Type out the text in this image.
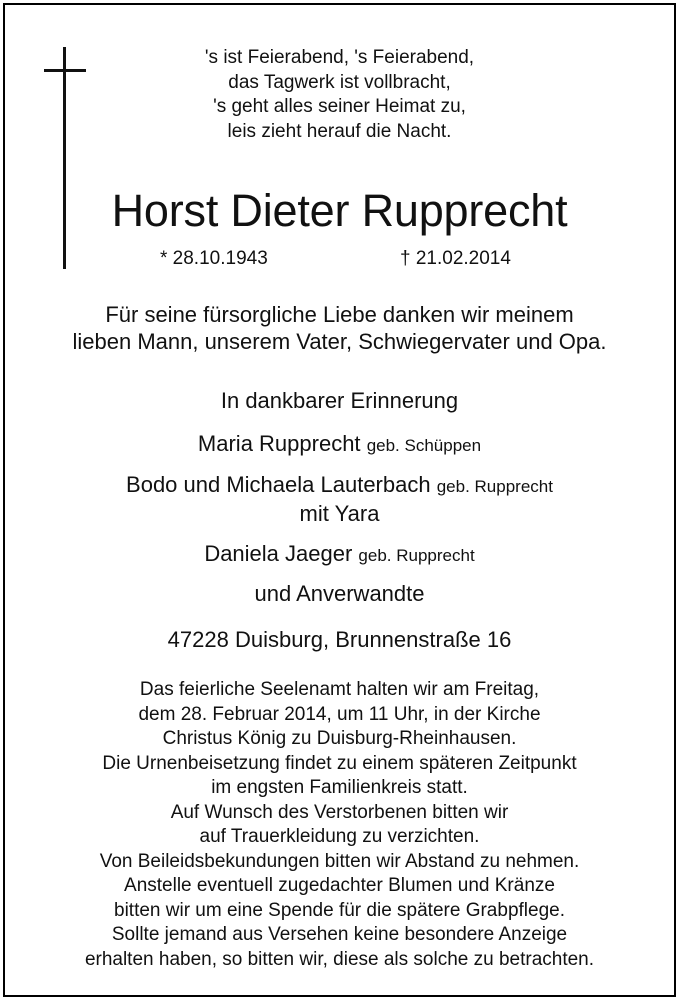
's ist Feierabend, 's Feierabend,
das Tagwerk ist vollbracht,
's geht alles seiner Heimat zu,
leis zieht herauf die Nacht.
Horst Dieter Rupprecht
* 28.10.1943	† 21.02.2014
Für seine fürsorgliche Liebe danken wir meinem
lieben Mann, unserem Vater, Schwiegervater und Opa.
In dankbarer Erinnerung
Maria Rupprecht geb. Schüppen
Bodo und Michaela Lauterbach geb. Rupprecht
mit Yara
Daniela Jaeger geb. Rupprecht
und Anverwandte
47228 Duisburg, Brunnenstraße 16
Das feierliche Seelenamt halten wir am Freitag,
dem 28. Februar 2014, um 11 Uhr, in der Kirche
Christus König zu Duisburg-Rheinhausen.
Die Urnenbeisetzung findet zu einem späteren Zeitpunkt
im engsten Familienkreis statt.
Auf Wunsch des Verstorbenen bitten wir
auf Trauerkleidung zu verzichten.
Von Beileidsbekundungen bitten wir Abstand zu nehmen.
Anstelle eventuell zugedachter Blumen und Kränze
bitten wir um eine Spende für die spätere Grabpflege.
Sollte jemand aus Versehen keine besondere Anzeige
erhalten haben, so bitten wir, diese als solche zu betrachten.
